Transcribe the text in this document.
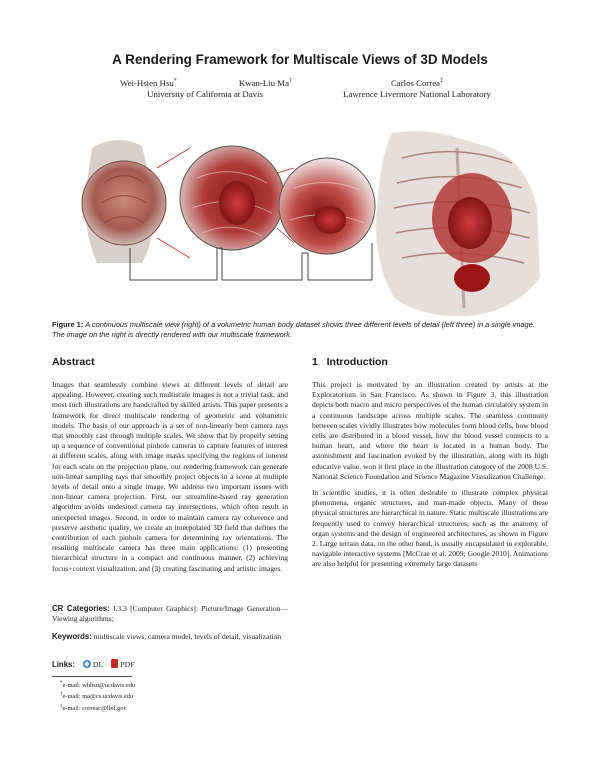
A Rendering Framework for Multiscale Views of 3D Models
Wei-Hsien Hsu*	Kwan-Liu Ma†
University of California at Davis
Carlos Correa‡
Lawrence Livermore National Laboratory
Figure 1: A continuous multiscale view (right) of a volumetric human body dataset shows three different levels of detail (left three) in a single image. The image on the right is directly rendered with our multiscale framework.
Abstract

Images that seamlessly combine views at different levels of detail are appealing. However, creating such multiscale images is not a trivial task, and most such illustrations are handcrafted by skilled artists. This paper presents a framework for direct multiscale rendering of geometric and volumetric models. The basis of our approach is a set of non-linearly bent camera rays that smoothly cast through multiple scales. We show that by properly setting up a sequence of conventional pinhole cameras to capture features of interest at different scales, along with image masks specifying the regions of interest for each scale on the projection plane, our rendering framework can generate non-linear sampling rays that smoothly project objects in a scene at multiple levels of detail onto a single image. We address two important issues with non-linear camera projection. First, our streamline-based ray generation algorithm avoids undesired camera ray intersections, which often result in unexpected images. Second, in order to maintain camera ray coherence and preserve aesthetic quality, we create an interpolated 3D field that defines the contribution of each pinhole camera for determining ray orientations. The resulting multiscale camera has three main applications: (1) presenting hierarchical structure in a compact and continuous manner, (2) achieving focus+context visualization, and (3) creating fascinating and artistic images.

CR Categories: I.3.3 [Computer Graphics]: Picture/Image Generation—Viewing algorithms;
Keywords: multiscale views, camera model, levels of detail, visualization
Links: DL PDF
*e-mail: whhsu@ucdavis.edu
†e-mail: ma@cs.ucdavis.edu
‡e-mail: correac@llnl.gov
1 Introduction

This project is motivated by an illustration created by artists at the Exploratorium in San Francisco. As shown in Figure 3, this illustration depicts both macro and micro perspectives of the human circulatory system in a continuous landscape across multiple scales. The seamless continuity between scales vividly illustrates how molecules form blood cells, how blood cells are distributed in a blood vessel, how the blood vessel connects to a human heart, and where the heart is located in a human body. The astonishment and fascination evoked by the illustration, along with its high educative value, won it first place in the illustration category of the 2008 U.S. National Science Foundation and Science Magazine Visualization Challenge.

In scientific studies, it is often desirable to illustrate complex physical phenomena, organic structures, and man-made objects. Many of these physical structures are hierarchical in nature. Static multiscale illustrations are frequently used to convey hierarchical structures, such as the anatomy of organ systems and the design of engineered architectures, as shown in Figure 2. Large terrain data, on the other hand, is usually encapsulated in explorable, navigable interactive systems [McCrae et al. 2009; Google 2010]. Animations are also helpful for presenting extremely large datasets
